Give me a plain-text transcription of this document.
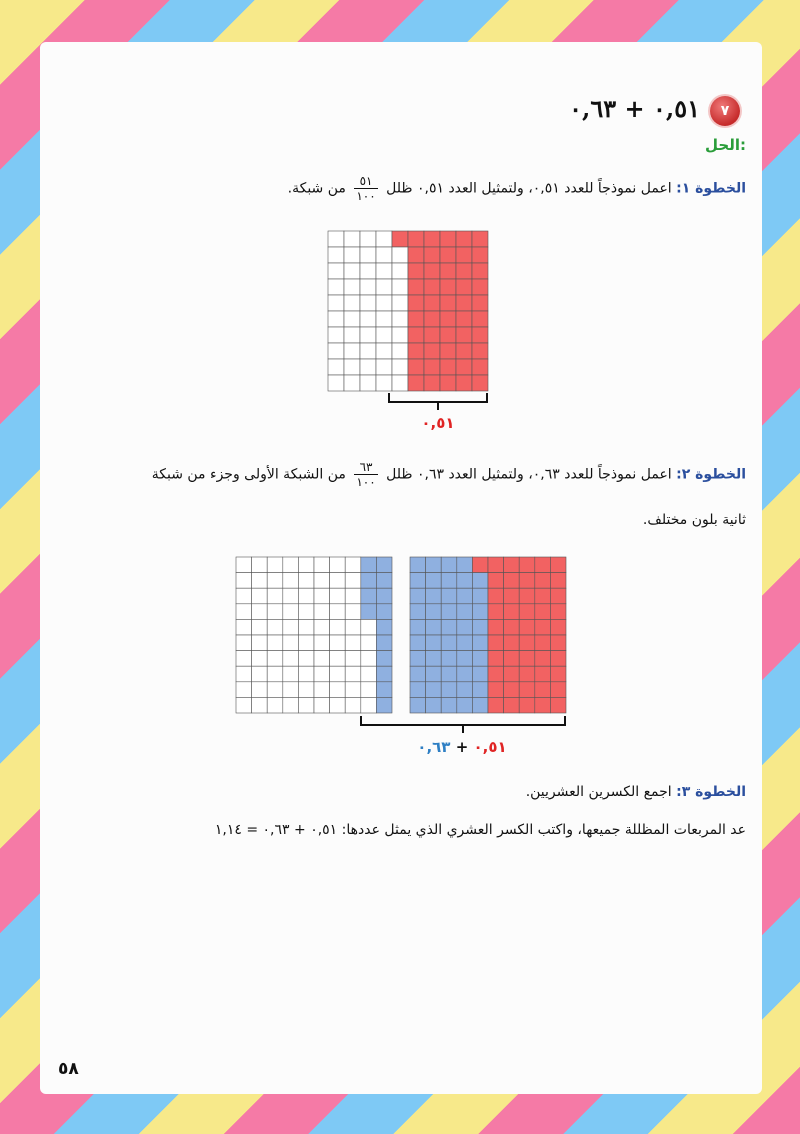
٠,٥١ + ٠,٦٣	٧
الحل:
الخطوة ١: اعمل نموذجاً للعدد ٠,٥١، ولتمثيل العدد ٠,٥١ ظلل
$\frac{٥١}{١٠٠}$
من شبكة.
٠,٥١
الخطوة ٢: اعمل نموذجاً للعدد ٠,٦٣، ولتمثيل العدد ٠,٦٣ ظلل
$\frac{٦٣}{١٠٠}$
من الشبكة الأولى وجزء من شبكة
ثانية بلون مختلف.
٠,٥١ + ٠,٦٣
الخطوة ٣: اجمع الكسرين العشريين.
عد المربعات المظللة جميعها، واكتب الكسر العشري الذي يمثل عددها: ٠,٥١ + ٠,٦٣ = ١,١٤
٥٨
